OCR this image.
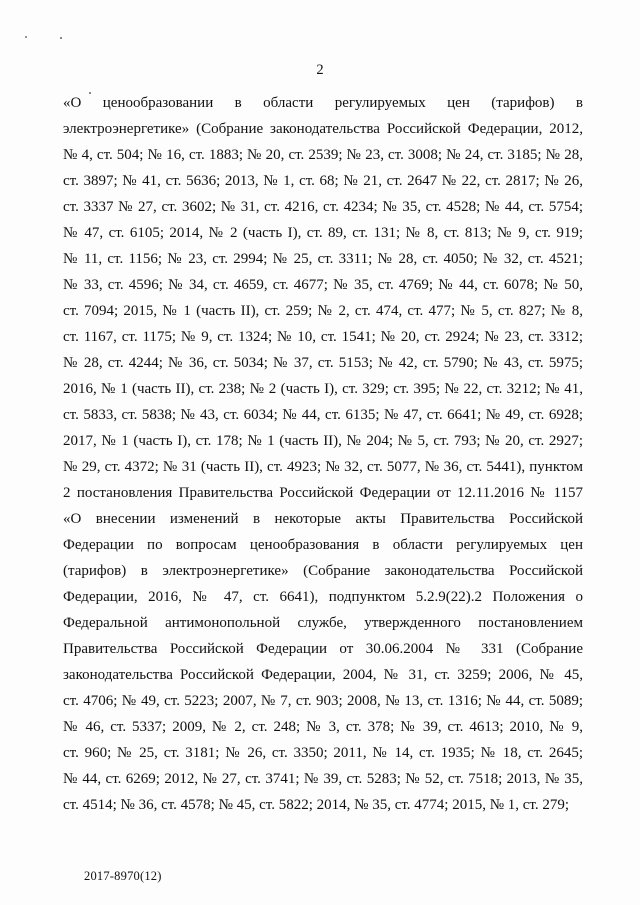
2
«О ценообразовании в области регулируемых цен (тарифов) в
электроэнергетике» (Собрание законодательства Российской Федерации, 2012,
№ 4, ст. 504; № 16, ст. 1883; № 20, ст. 2539; № 23, ст. 3008; № 24, ст. 3185; № 28,
ст. 3897; № 41, ст. 5636; 2013, № 1, ст. 68; № 21, ст. 2647 № 22, ст. 2817; № 26,
ст. 3337 № 27, ст. 3602; № 31, ст. 4216, ст. 4234; № 35, ст. 4528; № 44, ст. 5754;
№ 47, ст. 6105; 2014, № 2 (часть I), ст. 89, ст. 131; № 8, ст. 813; № 9, ст. 919;
№ 11, ст. 1156; № 23, ст. 2994; № 25, ст. 3311; № 28, ст. 4050; № 32, ст. 4521;
№ 33, ст. 4596; № 34, ст. 4659, ст. 4677; № 35, ст. 4769; № 44, ст. 6078; № 50,
ст. 7094; 2015, № 1 (часть II), ст. 259; № 2, ст. 474, ст. 477; № 5, ст. 827; № 8,
ст. 1167, ст. 1175; № 9, ст. 1324; № 10, ст. 1541; № 20, ст. 2924; № 23, ст. 3312;
№ 28, ст. 4244; № 36, ст. 5034; № 37, ст. 5153; № 42, ст. 5790; № 43, ст. 5975;
2016, № 1 (часть II), ст. 238; № 2 (часть I), ст. 329; ст. 395; № 22, ст. 3212; № 41,
ст. 5833, ст. 5838; № 43, ст. 6034; № 44, ст. 6135; № 47, ст. 6641; № 49, ст. 6928;
2017, № 1 (часть I), ст. 178; № 1 (часть II), № 204; № 5, ст. 793; № 20, ст. 2927;
№ 29, ст. 4372; № 31 (часть II), ст. 4923; № 32, ст. 5077, № 36, ст. 5441), пунктом
2 постановления Правительства Российской Федерации от 12.11.2016 № 1157
«О внесении изменений в некоторые акты Правительства Российской
Федерации по вопросам ценообразования в области регулируемых цен
(тарифов) в электроэнергетике» (Собрание законодательства Российской
Федерации, 2016, № 47, ст. 6641), подпунктом 5.2.9(22).2 Положения о
Федеральной антимонопольной службе, утвержденного постановлением
Правительства Российской Федерации от 30.06.2004 № 331 (Собрание
законодательства Российской Федерации, 2004, № 31, ст. 3259; 2006, № 45,
ст. 4706; № 49, ст. 5223; 2007, № 7, ст. 903; 2008, № 13, ст. 1316; № 44, ст. 5089;
№ 46, ст. 5337; 2009, № 2, ст. 248; № 3, ст. 378; № 39, ст. 4613; 2010, № 9,
ст. 960; № 25, ст. 3181; № 26, ст. 3350; 2011, № 14, ст. 1935; № 18, ст. 2645;
№ 44, ст. 6269; 2012, № 27, ст. 3741; № 39, ст. 5283; № 52, ст. 7518; 2013, № 35,
ст. 4514; № 36, ст. 4578; № 45, ст. 5822; 2014, № 35, ст. 4774; 2015, № 1, ст. 279;
2017-8970(12)
